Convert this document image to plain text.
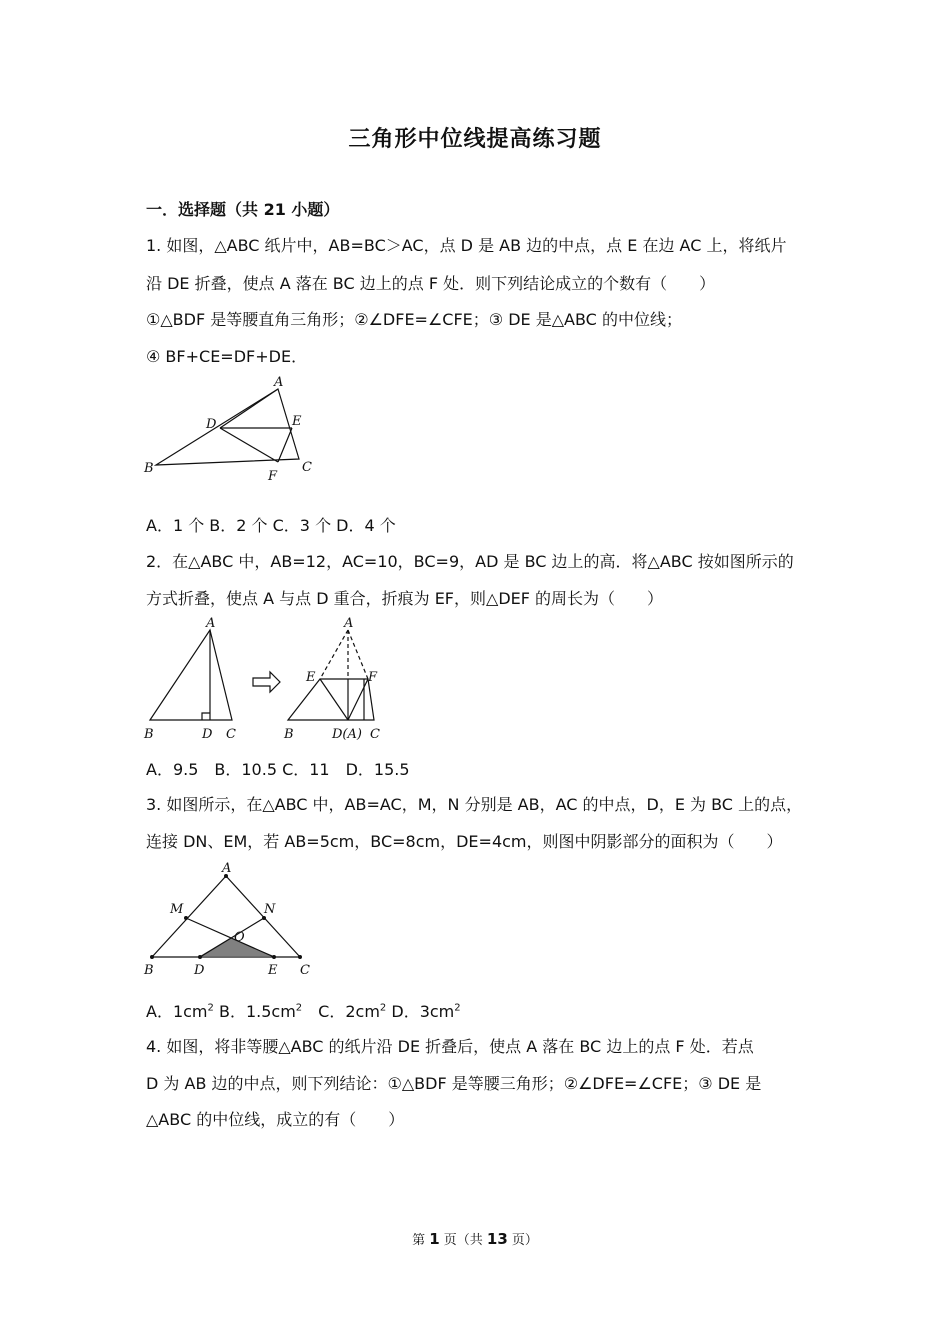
三角形中位线提高练习题
一．选择题（共 21 小题）
1. 如图，△ABC 纸片中，AB=BC＞AC，点 D 是 AB 边的中点，点 E 在边 AC 上，将纸片
沿 DE 折叠，使点 A 落在 BC 边上的点 F 处．则下列结论成立的个数有（　　）
①△BDF 是等腰直角三角形；②∠DFE=∠CFE；③ DE 是△ABC 的中位线；
④ BF+CE=DF+DE．
A
D	E
B
F
C
A．1 个 B．2 个 C．3 个 D．4 个
2．在△ABC 中，AB=12，AC=10，BC=9，AD 是 BC 边上的高．将△ABC 按如图所示的
方式折叠，使点 A 与点 D 重合，折痕为 EF，则△DEF 的周长为（　　）
A
B	D C
A
E	F
B	D(A) C
A．9.5　B．10.5 C．11　D．15.5
3. 如图所示，在△ABC 中，AB=AC，M，N 分别是 AB，AC 的中点，D，E 为 BC 上的点，
连接 DN、EM，若 AB=5cm，BC=8cm，DE=4cm，则图中阴影部分的面积为（　　）
A
M	N
O
B	D	E C
A．$1cm^2$ B．$1.5cm^2$　C．$2cm^2$ D．$3cm^2$
4. 如图，将非等腰△ABC 的纸片沿 DE 折叠后，使点 A 落在 BC 边上的点 F 处．若点
D 为 AB 边的中点，则下列结论：①△BDF 是等腰三角形；②∠DFE=∠CFE；③ DE 是
△ABC 的中位线，成立的有（　　）
第 1 页（共 13 页）
